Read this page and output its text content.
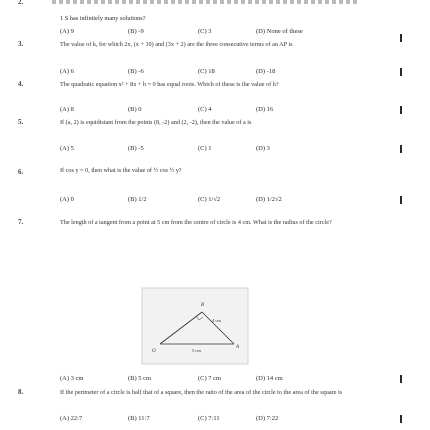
2.
1 S has infinitely many solutions?
(A) 9	(B) -9	(C) 3	(D) None of these
3.	The value of k, for which 2x, (x + 10) and (3x + 2) are the three consecutive terms of an AP is
(A) 6	(B) -6	(C) 18	(D) -18
4.	The quadratic equation x² + 8x + h = 0 has equal roots. Which of these is the value of h?
(A) 8	(B) 0	(C) 4	(D) 16
5.	If (a, 2) is equidistant from the points (8, -2) and (2, -2), then the value of a is
(A) 5	(B) -5	(C) 1	(D) 3
6.	If cos y = 0, then what is the value of ½ cos ½ y?
(A) 0	(B) 1/2	(C) 1/√2	(D) 1/2√2
7.	The length of a tangent from a point at 5 cm from the centre of circle is 4 cm. What is the radius of the circle?
B
O
A
5 cm
4 cm
(A) 3 cm	(B) 5 cm	(C) 7 cm	(D) 14 cm
8.	If the perimeter of a circle is half that of a square, then the ratio of the area of the circle to the area of the square is
(A) 22:7	(B) 11:7	(C) 7:11	(D) 7:22
